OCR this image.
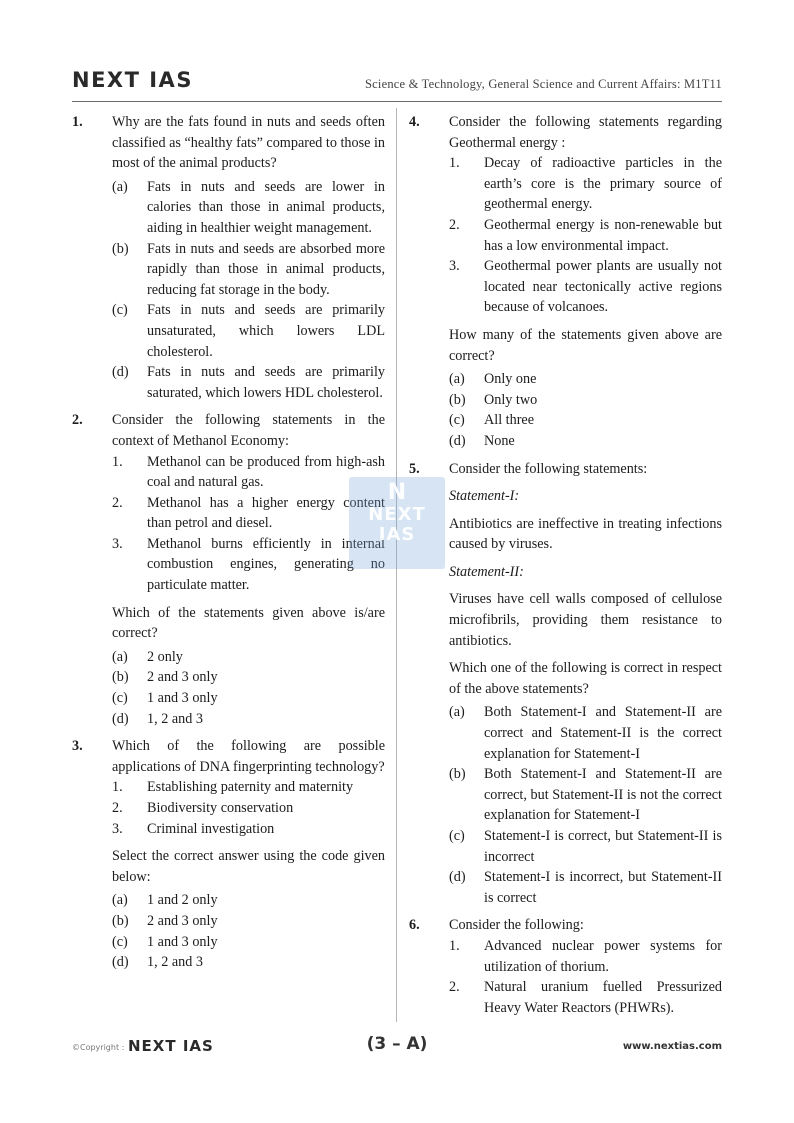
NEXT IAS	Science & Technology, General Science and Current Affairs: M1T11
1. Why are the fats found in nuts and seeds often classified as “healthy fats” compared to those in most of the animal products?
(a) Fats in nuts and seeds are lower in calories than those in animal products, aiding in healthier weight management.
(b) Fats in nuts and seeds are absorbed more rapidly than those in animal products, reducing fat storage in the body.
(c) Fats in nuts and seeds are primarily unsaturated, which lowers LDL cholesterol.
(d) Fats in nuts and seeds are primarily saturated, which lowers HDL cholesterol.
2. Consider the following statements in the context of Methanol Economy:
1. Methanol can be produced from high-ash coal and natural gas.
2. Methanol has a higher energy content than petrol and diesel.
3. Methanol burns efficiently in internal combustion engines, generating no particulate matter.
Which of the statements given above is/are correct?
(a) 2 only
(b) 2 and 3 only
(c) 1 and 3 only
(d) 1, 2 and 3
3. Which of the following are possible applications of DNA fingerprinting technology?
1. Establishing paternity and maternity
2. Biodiversity conservation
3. Criminal investigation
Select the correct answer using the code given below:
(a) 1 and 2 only
(b) 2 and 3 only
(c) 1 and 3 only
(d) 1, 2 and 3
4. Consider the following statements regarding Geothermal energy :
1. Decay of radioactive particles in the earth’s core is the primary source of geothermal energy.
2. Geothermal energy is non-renewable but has a low environmental impact.
3. Geothermal power plants are usually not located near tectonically active regions because of volcanoes.
How many of the statements given above are correct?
(a) Only one
(b) Only two
(c) All three
(d) None
5. Consider the following statements:
Statement-I:
Antibiotics are ineffective in treating infections caused by viruses.
Statement-II:
Viruses have cell walls composed of cellulose microfibrils, providing them resistance to antibiotics.
Which one of the following is correct in respect of the above statements?
(a) Both Statement-I and Statement-II are correct and Statement-II is the correct explanation for Statement-I
(b) Both Statement-I and Statement-II are correct, but Statement-II is not the correct explanation for Statement-I
(c) Statement-I is correct, but Statement-II is incorrect
(d) Statement-I is incorrect, but Statement-II is correct
6. Consider the following:
1. Advanced nuclear power systems for utilization of thorium.
2. Natural uranium fuelled Pressurized Heavy Water Reactors (PHWRs).
N
NEXT
IAS
©Copyright : NEXT IAS	(3 – A)	www.nextias.com
